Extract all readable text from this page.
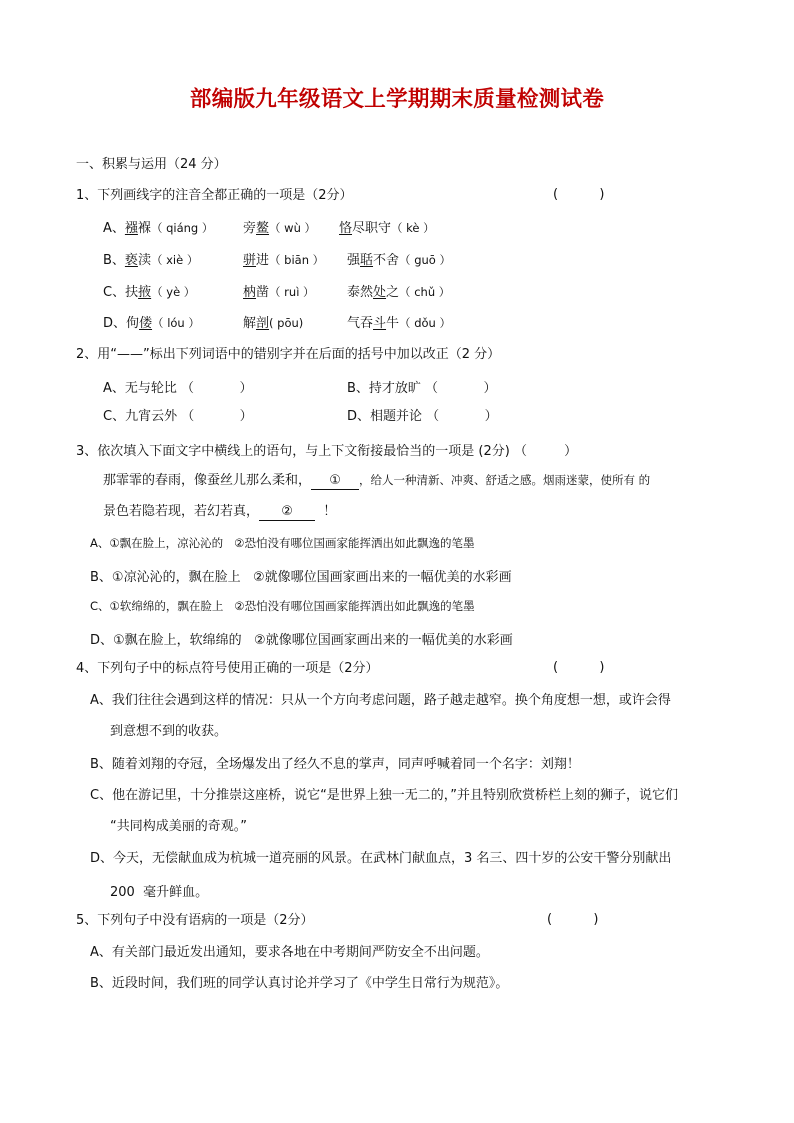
部编版九年级语文上学期期末质量检测试卷
一、积累与运用（24 分）
1、下列画线字的注音全都正确的一项是（2分）	(          )
A、襁褓（ qiáng ） 旁鳌（ wù ） 恪尽职守（ kè ）
B、亵渎（ xiè ）	骈进（ biān ） 强聒不舍（ guō ）
C、扶掖（ yè ）	枘凿（ ruì ） 泰然处之（ chǔ ）
D、佝偻（ lóu ）	解剖( pōu)	气吞斗牛（ dǒu ）
2、用“——”标出下列词语中的错别字并在后面的括号中加以改正（2 分）
A、无与轮比 （           ）	B、持才放旷 （           ）
C、九宵云外 （           ）	D、相题并论 （           ）
3、依次填入下面文字中横线上的语句，与上下文衔接最恰当的一项是 (2分) （         ）
那霏霏的春雨，像蚕丝儿那么柔和， ① ，给人一种清新、冲爽、舒适之感。烟雨迷蒙，使所有 的
景色若隐若现，若幻若真， ②  ！
A、①飘在脸上，凉沁沁的   ②恐怕没有哪位国画家能挥洒出如此飘逸的笔墨
B、①凉沁沁的，飘在脸上   ②就像哪位国画家画出来的一幅优美的水彩画
C、①软绵绵的，飘在脸上   ②恐怕没有哪位国画家能挥洒出如此飘逸的笔墨
D、①飘在脸上，软绵绵的   ②就像哪位国画家画出来的一幅优美的水彩画
4、下列句子中的标点符号使用正确的一项是（2分）	(          )
A、我们往往会遇到这样的情况：只从一个方向考虑问题，路子越走越窄。换个角度想一想，或许会得
到意想不到的收获。
B、随着刘翔的夺冠，全场爆发出了经久不息的掌声，同声呼喊着同一个名字：刘翔！
C、他在游记里，十分推崇这座桥，说它“是世界上独一无二的，”并且特别欣赏桥栏上刻的狮子，说它们
“共同构成美丽的奇观。”
D、今天，无偿献血成为杭城一道亮丽的风景。在武林门献血点，3 名三、四十岁的公安干警分别献出
200  毫升鲜血。
5、下列句子中没有语病的一项是（2分）	(          )
A、有关部门最近发出通知，要求各地在中考期间严防安全不出问题。
B、近段时间，我们班的同学认真讨论并学习了《中学生日常行为规范》。
